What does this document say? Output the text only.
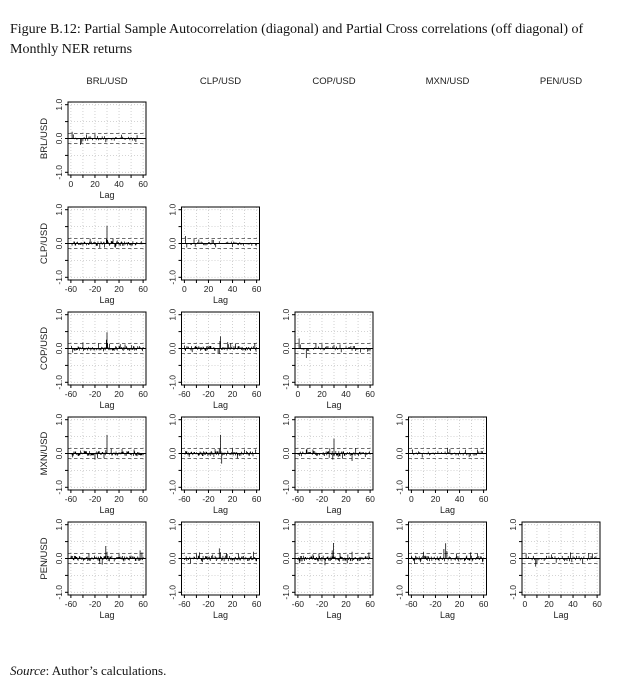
Figure B.12: Partial Sample Autocorrelation (diagonal) and Partial Cross correlations (off diagonal) of Monthly NER returns

BRL/USD	CLP/USD	COP/USD	MXN/USD	PEN/USD
BRL/USD
CLP/USD
COP/USD
MXN/USD
PEN/USD
0 20 40 60
1.0
0.0
-1.0
Lag
-60 -20 20 60
1.0
0.0
-1.0
Lag
0 20 40 60
1.0
0.0
-1.0
Lag
-60 -20 20 60
1.0
0.0
-1.0
Lag
-60 -20 20 60
1.0
0.0
-1.0
Lag
0 20 40 60
1.0
0.0
-1.0
Lag
-60 -20 20 60
1.0
0.0
-1.0
Lag
-60 -20 20 60
1.0
0.0
-1.0
Lag
-60 -20 20 60
1.0
0.0
-1.0
Lag
0 20 40 60
1.0
0.0
-1.0
Lag
-60 -20 20 60
1.0
0.0
-1.0
Lag
-60 -20 20 60
1.0
0.0
-1.0
Lag
-60 -20 20 60
1.0
0.0
-1.0
Lag
-60 -20 20 60
1.0
0.0
-1.0
Lag
0 20 40 60
1.0
0.0
-1.0
Lag

Source: Author’s calculations.
